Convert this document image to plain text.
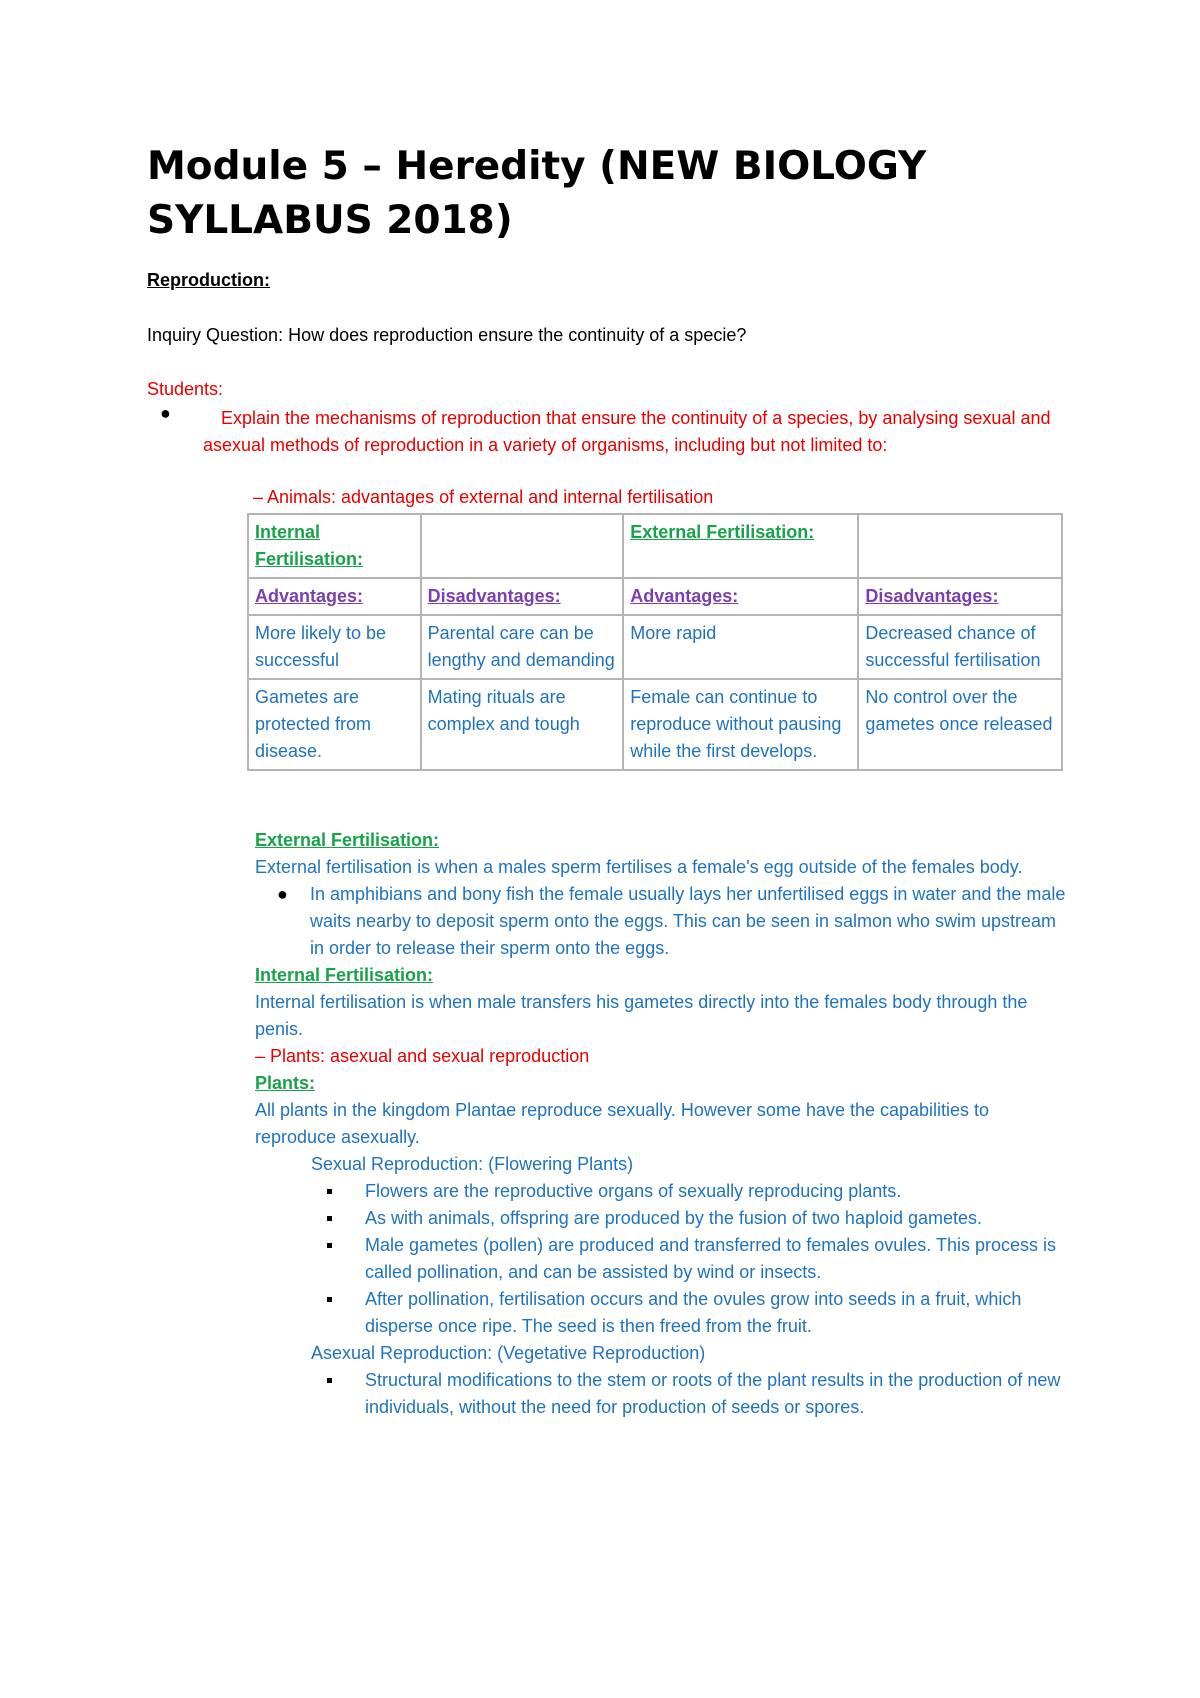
Module 5 – Heredity (NEW BIOLOGY SYLLABUS 2018)

Reproduction:

Inquiry Question: How does reproduction ensure the continuity of a specie?

Students:

●	Explain the mechanisms of reproduction that ensure the continuity of a species, by analysing sexual and asexual methods of reproduction in a variety of organisms, including but not limited to:

– Animals: advantages of external and internal fertilisation

Internal Fertilisation:		External Fertilisation:	
Advantages:	Disadvantages:	Advantages:	Disadvantages:
More likely to be successful	Parental care can be lengthy and demanding	More rapid	Decreased chance of successful fertilisation
Gametes are protected from disease.	Mating rituals are complex and tough	Female can continue to reproduce without pausing while the first develops.	No control over the gametes once released
External Fertilisation:
External fertilisation is when a males sperm fertilises a female's egg outside of the females body.
● In amphibians and bony fish the female usually lays her unfertilised eggs in water and the male waits nearby to deposit sperm onto the eggs. This can be seen in salmon who swim upstream in order to release their sperm onto the eggs.
Internal Fertilisation:
Internal fertilisation is when male transfers his gametes directly into the females body through the penis.
– Plants: asexual and sexual reproduction
Plants:
All plants in the kingdom Plantae reproduce sexually. However some have the capabilities to reproduce asexually.
Sexual Reproduction: (Flowering Plants)
Flowers are the reproductive organs of sexually reproducing plants.
As with animals, offspring are produced by the fusion of two haploid gametes.
Male gametes (pollen) are produced and transferred to females ovules. This process is called pollination, and can be assisted by wind or insects.
After pollination, fertilisation occurs and the ovules grow into seeds in a fruit, which disperse once ripe. The seed is then freed from the fruit.
Asexual Reproduction: (Vegetative Reproduction)
Structural modifications to the stem or roots of the plant results in the production of new individuals, without the need for production of seeds or spores.
